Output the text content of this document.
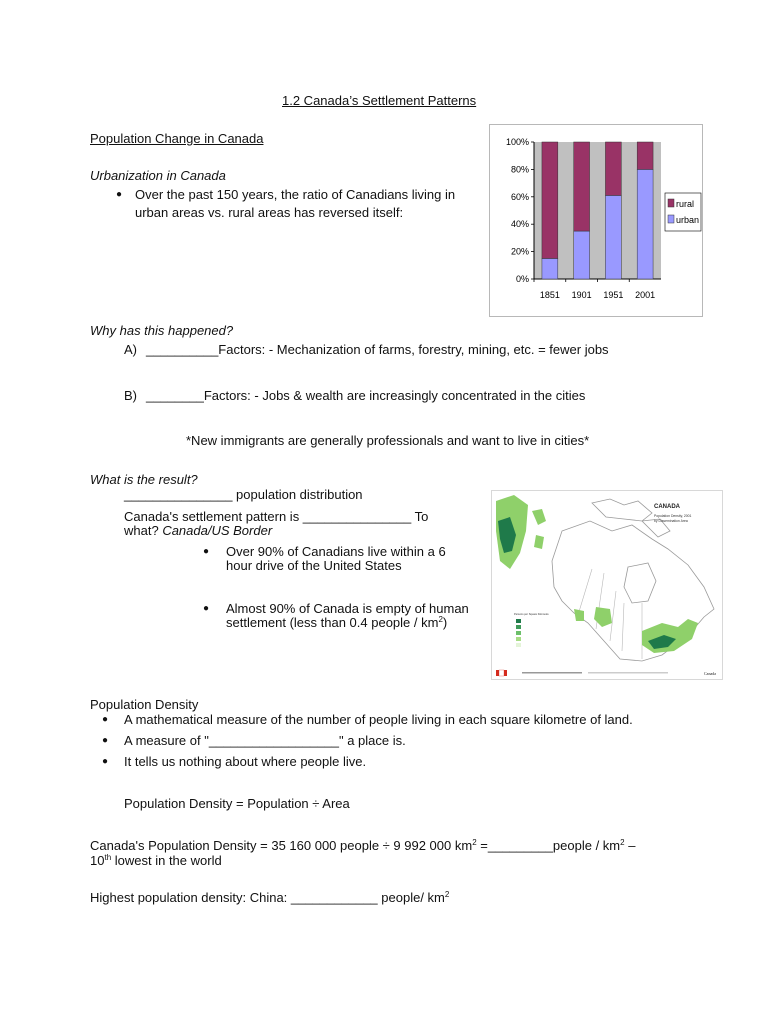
1.2 Canada’s Settlement Patterns
Population Change in Canada
Urbanization in Canada
● Over the past 150 years, the ratio of Canadians living in
urban areas vs. rural areas has reversed itself:
0%
20%
40%
60%
80%
100%
1851 1901 1951 2001
rural
urban
Why has this happened?
A) __________Factors: - Mechanization of farms, forestry, mining, etc. = fewer jobs
B) ________Factors: - Jobs & wealth are increasingly concentrated in the cities
*New immigrants are generally professionals and want to live in cities*
What is the result?
_______________ population distribution
Canada's settlement pattern is _______________ To
what? Canada/US Border
● Over 90% of Canadians live within a 6
hour drive of the United States
● Almost 90% of Canada is empty of human
settlement (less than 0.4 people / $km^2$)
CANADA
Population Density, 2001
by Dissemination Area
Persons per Square Kilometre
Canada
Population Density
● A mathematical measure of the number of people living in each square kilometre of land.
● A measure of "__________________" a place is.
● It tells us nothing about where people live.
Population Density = Population ÷ Area
Canada's Population Density = 35 160 000 people ÷ 9 992 000 $km^2$ =_________people / $km^2$ –
10th lowest in the world
Highest population density: China: ____________ people/ $km^2$
